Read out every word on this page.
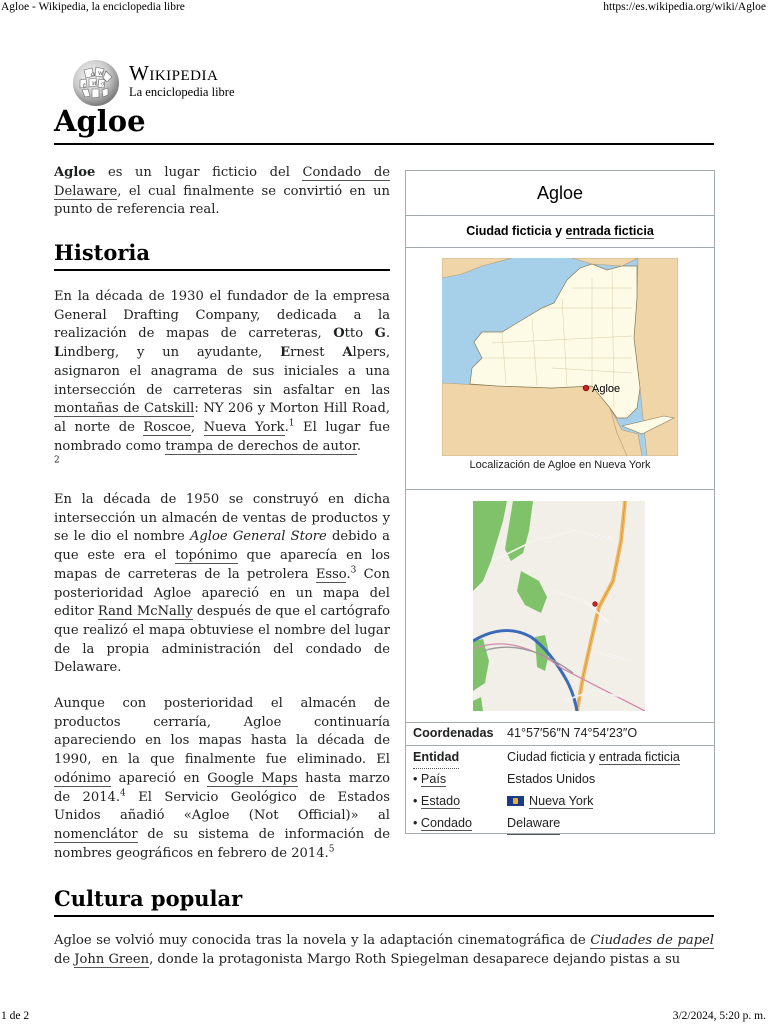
Agloe - Wikipedia, la enciclopedia libre	https://es.wikipedia.org/wiki/Agloe
Ω W
И ウ
ع Wikipedia
La enciclopedia libre
Agloe

Agloe es un lugar ficticio del Condado de Delaware, el cual finalmente se convirtió en un punto de referencia real.

Historia

En la década de 1930 el fundador de la empresa General Drafting Company, dedicada a la realización de mapas de carreteras, Otto G. Lindberg, y un ayudante, Ernest Alpers, asignaron el anagrama de sus iniciales a una intersección de carreteras sin asfaltar en las montañas de Catskill: NY 206 y Morton Hill Road, al norte de Roscoe, Nueva York.$^1$ El lugar fue nombrado como trampa de derechos de autor.
$^2$

En la década de 1950 se construyó en dicha intersección un almacén de ventas de productos y se le dio el nombre Agloe General Store debido a que este era el topónimo que aparecía en los mapas de carreteras de la petrolera Esso.$^3$ Con posterioridad Agloe apareció en un mapa del editor Rand McNally después de que el cartógrafo que realizó el mapa obtuviese el nombre del lugar de la propia administración del condado de Delaware.

Aunque con posterioridad el almacén de productos cerraría, Agloe continuaría apareciendo en los mapas hasta la década de 1990, en la que finalmente fue eliminado. El odónimo apareció en Google Maps hasta marzo de 2014.$^4$ El Servicio Geológico de Estados Unidos añadió «Agloe (Not Official)» al nomenclátor de su sistema de información de nombres geográficos en febrero de 2014.$^5$

Cultura popular

Agloe se volvió muy conocida tras la novela y la adaptación cinematográfica de Ciudades de papel de John Green, donde la protagonista Margo Roth Spiegelman desaparece dejando pistas a su

Agloe
Ciudad ficticia y entrada ficticia
Agloe
Localización de Agloe en Nueva York
Coordenadas 41°57′56″N 74°54′23″O
Entidad	Ciudad ficticia y entrada ficticia
• País	Estados Unidos
• Estado	Nueva York
• Condado	Delaware
1 de 2	3/2/2024, 5:20 p. m.
